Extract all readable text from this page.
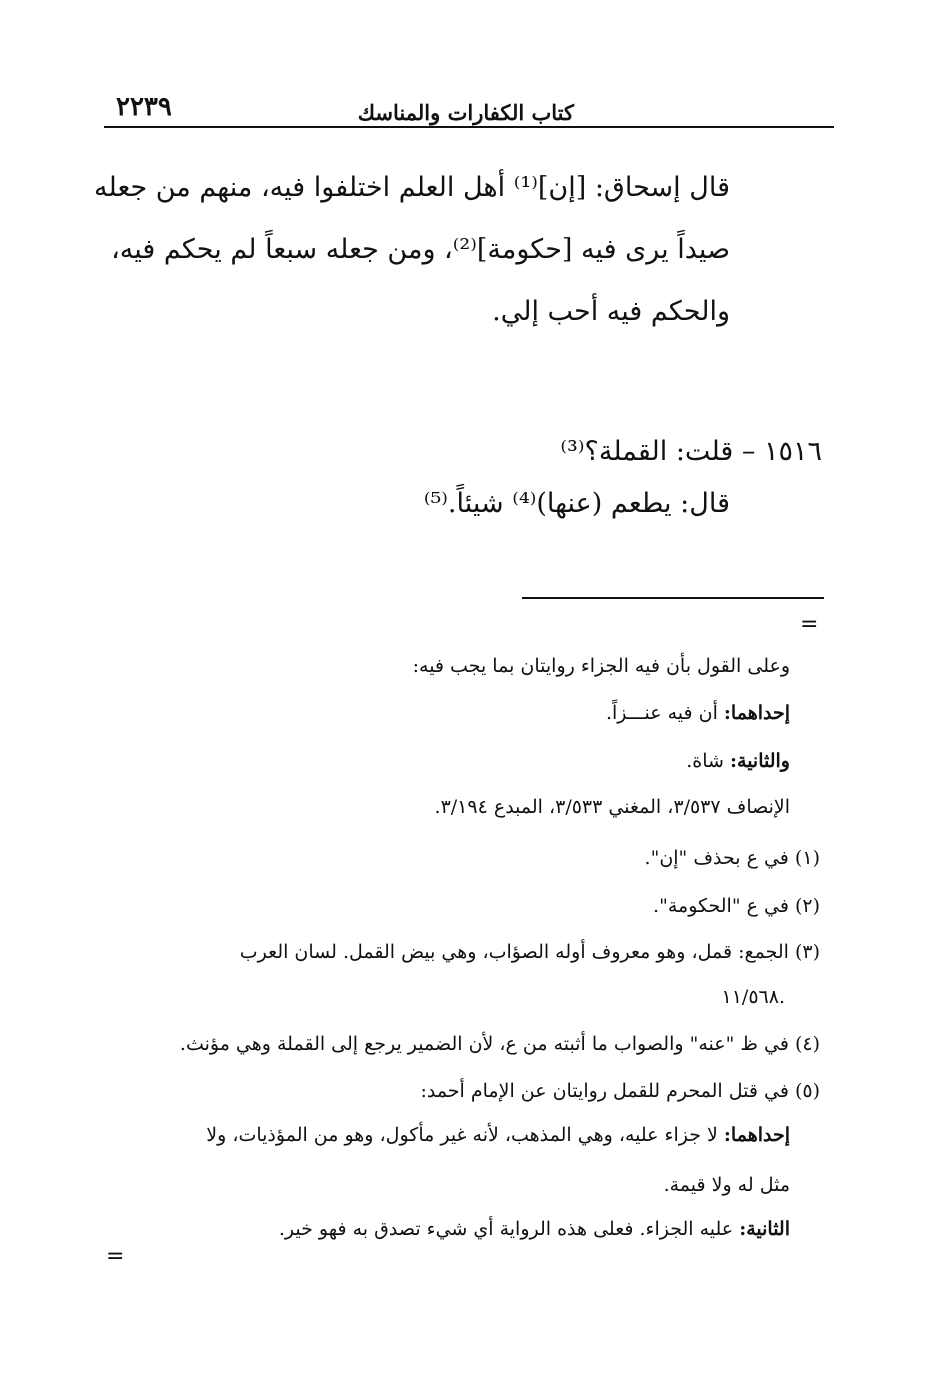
٢٢٣٩	كتاب الكفارات والمناسك
قال إسحاق: [إن]⁽¹⁾ أهل العلم اختلفوا فيه، منهم من جعله
صيداً يرى فيه [حكومة]⁽²⁾، ومن جعله سبعاً لم يحكم فيه،
والحكم فيه أحب إلي.
١٥١٦ – قلت: القملة؟⁽³⁾
قال: يطعم (عنها)⁽⁴⁾ شيئاً.⁽⁵⁾
=
وعلى القول بأن فيه الجزاء روايتان بما يجب فيه:
إحداهما: أن فيه عنـــزاً.
والثانية: شاة.
الإنصاف ٣/٥٣٧، المغني ٣/٥٣٣، المبدع ٣/١٩٤.
(١) في ع بحذف "إن".
(٢) في ع "الحكومة".
(٣) الجمع: قمل، وهو معروف أوله الصؤاب، وهي بيض القمل. لسان العرب
١١/٥٦٨.
(٤) في ظ "عنه" والصواب ما أثبته من ع، لأن الضمير يرجع إلى القملة وهي مؤنث.
(٥) في قتل المحرم للقمل روايتان عن الإمام أحمد:
إحداهما: لا جزاء عليه، وهي المذهب، لأنه غير مأكول، وهو من المؤذيات، ولا
مثل له ولا قيمة.
الثانية: عليه الجزاء. فعلى هذه الرواية أي شيء تصدق به فهو خير.
=
